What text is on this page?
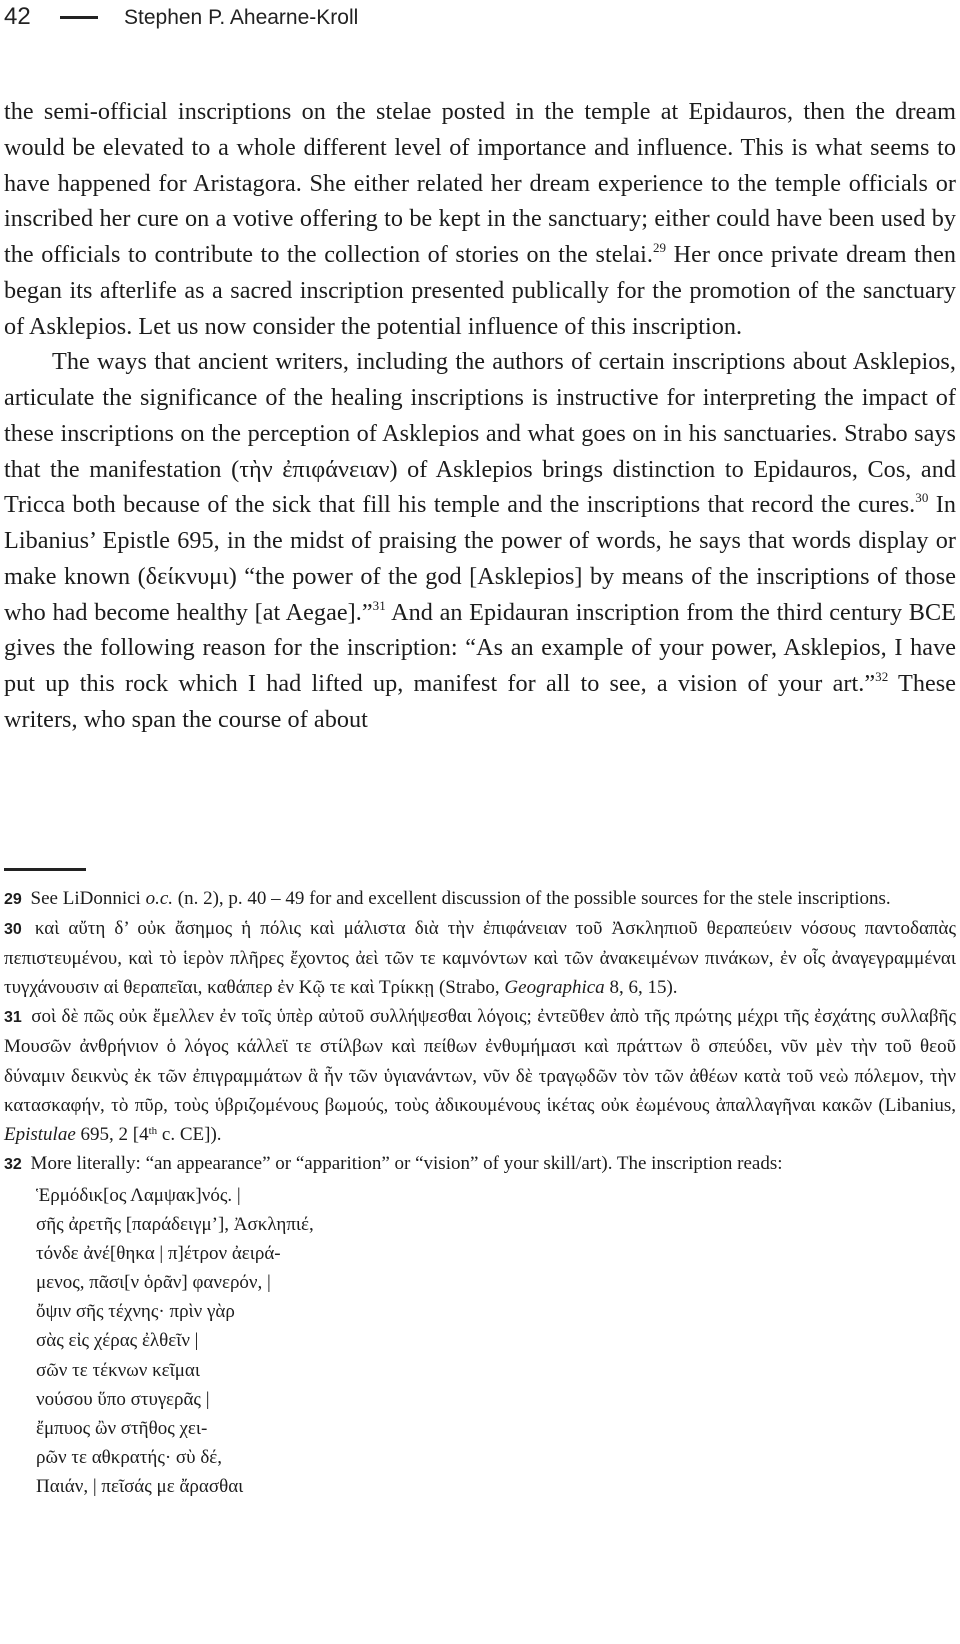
42	Stephen P. Ahearne-Kroll

the semi-official inscriptions on the stelae posted in the temple at Epidauros, then the dream would be elevated to a whole different level of importance and influence. This is what seems to have happened for Aristagora. She either related her dream experience to the temple officials or inscribed her cure on a votive offering to be kept in the sanctuary; either could have been used by the officials to contribute to the collection of stories on the stelai.$^{29}$ Her once private dream then began its afterlife as a sacred inscription presented publically for the promotion of the sanctuary of Asklepios. Let us now consider the potential influence of this inscription.

The ways that ancient writers, including the authors of certain inscriptions about Asklepios, articulate the significance of the healing inscriptions is instructive for interpreting the impact of these inscriptions on the perception of Asklepios and what goes on in his sanctuaries. Strabo says that the manifestation (τὴν ἐπιφάνειαν) of Asklepios brings distinction to Epidauros, Cos, and Tricca both because of the sick that fill his temple and the inscriptions that record the cures.$^{30}$ In Libanius’ Epistle 695, in the midst of praising the power of words, he says that words display or make known (δείκνυμι) “the power of the god [Asklepios] by means of the inscriptions of those who had become healthy [at Aegae].”$^{31}$ And an Epidauran inscription from the third century BCE gives the following reason for the inscription: “As an example of your power, Asklepios, I have put up this rock which I had lifted up, manifest for all to see, a vision of your art.”$^{32}$ These writers, who span the course of about

29 See LiDonnici o.c. (n. 2), p. 40 – 49 for and excellent discussion of the possible sources for the stele inscriptions.

30 καὶ αὔτη δ’ οὐκ ἄσημος ἡ πόλις καὶ μάλιστα διὰ τὴν ἐπιφάνειαν τοῦ Ἀσκληπιοῦ θεραπεύειν νόσους παντοδαπὰς πεπιστευμένου, καὶ τὸ ἱερὸν πλῆρες ἔχοντος ἀεὶ τῶν τε καμνόντων καὶ τῶν ἀνακειμένων πινάκων, ἐν οἷς ἀναγεγραμμέναι τυγχάνουσιν αἱ θεραπεῖαι, καθάπερ ἐν Κῷ τε καὶ Τρίκκῃ (Strabo, Geographica 8, 6, 15).

31 σοὶ δὲ πῶς οὐκ ἔμελλεν ἐν τοῖς ὑπὲρ αὐτοῦ συλλήψεσθαι λόγοις; ἐντεῦθεν ἀπὸ τῆς πρώτης μέχρι τῆς ἐσχάτης συλλαβῆς Μουσῶν ἀνθρήνιον ὁ λόγος κάλλεϊ τε στίλβων καὶ πείθων ἐνθυμήμασι καὶ πράττων ὃ σπεύδει, νῦν μὲν τὴν τοῦ θεοῦ δύναμιν δεικνὺς ἐκ τῶν ἐπιγραμμάτων ἃ ἦν τῶν ὑγιανάντων, νῦν δὲ τραγῳδῶν τὸν τῶν ἀθέων κατὰ τοῦ νεὼ πόλεμον, τὴν κατασκαφήν, τὸ πῦρ, τοὺς ὑβριζομένους βωμούς, τοὺς ἀδικουμένους ἱκέτας οὐκ ἐωμένους ἀπαλλαγῆναι κακῶν (Libanius, Epistulae 695, 2 [4th c. CE]).

32 More literally: “an appearance” or “apparition” or “vision” of your skill/art). The inscription reads:

Ἑρμόδικ[ος Λαμψακ]νός. |
σῆς ἀρετῆς [παράδειγμ’], Ἀσκληπιέ,
τόνδε ἀνέ[θηκα | π]έτρον ἀειρά-
μενος, πᾶσι[ν ὁρᾶν] φανερόν, |
ὄψιν σῆς τέχνης· πρὶν γὰρ
σὰς εἰς χέρας ἐλθεῖν |
σῶν τε τέκνων κεῖμαι
νούσου ὕπο στυγερᾶς |
ἔμπυος ὢν στῆθος χει-
ρῶν τε αθκρατής· σὺ δέ,
Παιάν, | πεῖσάς με ἄρασθαι
